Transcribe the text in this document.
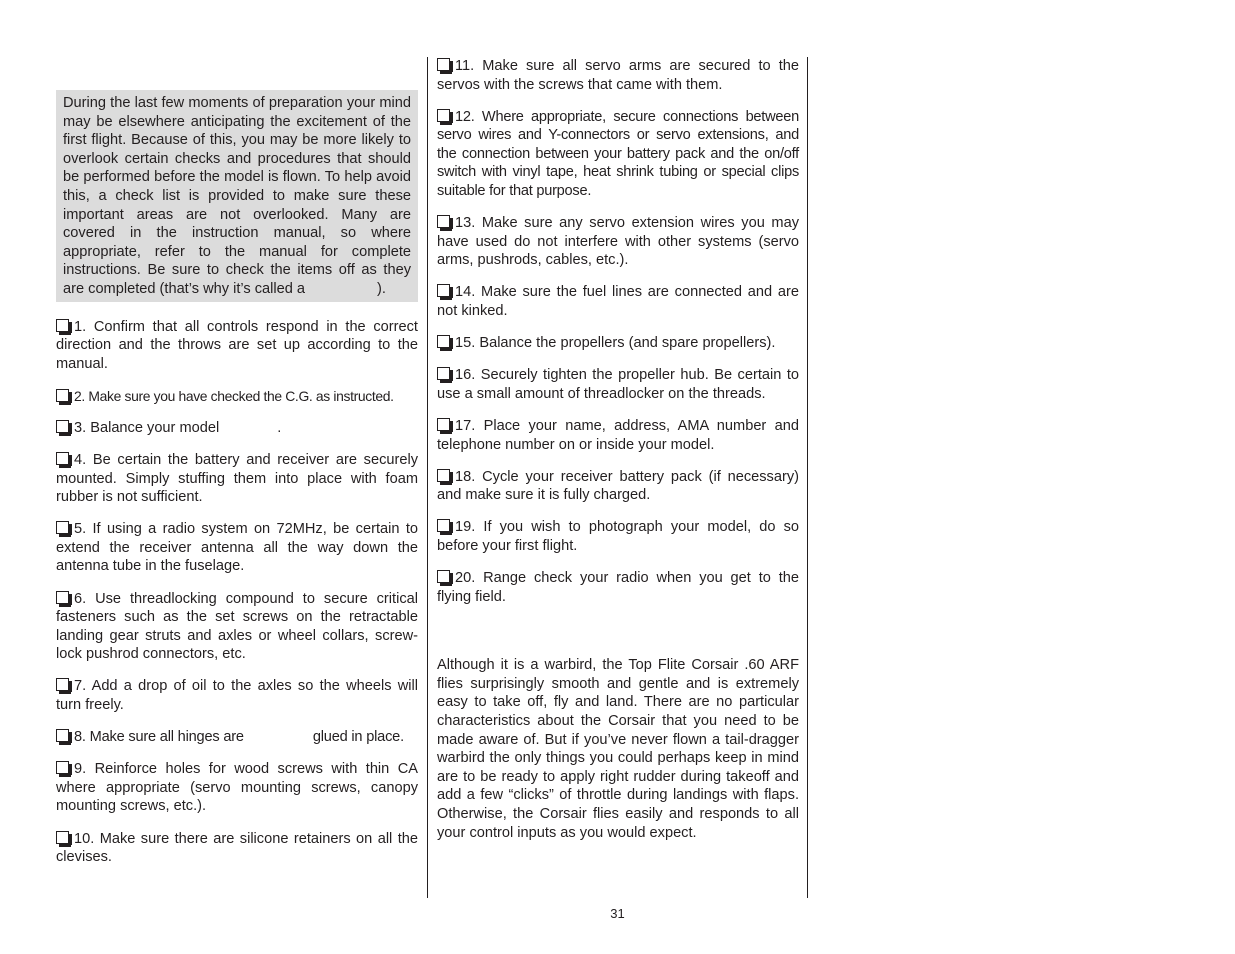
During the last few moments of preparation your mind may be elsewhere anticipating the excitement of the first flight. Because of this, you may be more likely to overlook certain checks and procedures that should be performed before the model is flown. To help avoid this, a check list is provided to make sure these important areas are not overlooked. Many are covered in the instruction manual, so where appropriate, refer to the manual for complete instructions. Be sure to check the items off as they are completed (that’s why it’s called a	).
1. Confirm that all controls respond in the correct direction and the throws are set up according to the manual.
2. Make sure you have checked the C.G. as instructed.
3. Balance your model	.
4. Be certain the battery and receiver are securely mounted. Simply stuffing them into place with foam rubber is not sufficient.
5. If using a radio system on 72MHz, be certain to extend the receiver antenna all the way down the antenna tube in the fuselage.
6. Use threadlocking compound to secure critical fasteners such as the set screws on the retractable landing gear struts and axles or wheel collars, screw-lock pushrod connectors, etc.
7. Add a drop of oil to the axles so the wheels will turn freely.
8. Make sure all hinges are	glued in place.
9. Reinforce holes for wood screws with thin CA where appropriate (servo mounting screws, canopy mounting screws, etc.).
10. Make sure there are silicone retainers on all the clevises.
11. Make sure all servo arms are secured to the servos with the screws that came with them.
12. Where appropriate, secure connections between servo wires and Y-connectors or servo extensions, and the connection between your battery pack and the on/off switch with vinyl tape, heat shrink tubing or special clips suitable for that purpose.
13. Make sure any servo extension wires you may have used do not interfere with other systems (servo arms, pushrods, cables, etc.).
14. Make sure the fuel lines are connected and are not kinked.
15. Balance the propellers (and spare propellers).
16. Securely tighten the propeller hub. Be certain to use a small amount of threadlocker on the threads.
17. Place your name, address, AMA number and telephone number on or inside your model.
18. Cycle your receiver battery pack (if necessary) and make sure it is fully charged.
19. If you wish to photograph your model, do so before your first flight.
20. Range check your radio when you get to the flying field.
Although it is a warbird, the Top Flite Corsair .60 ARF flies surprisingly smooth and gentle and is extremely easy to take off, fly and land. There are no particular characteristics about the Corsair that you need to be made aware of. But if you’ve never flown a tail-dragger warbird the only things you could perhaps keep in mind are to be ready to apply right rudder during takeoff and add a few “clicks” of throttle during landings with flaps. Otherwise, the Corsair flies easily and responds to all your control inputs as you would expect.
31
